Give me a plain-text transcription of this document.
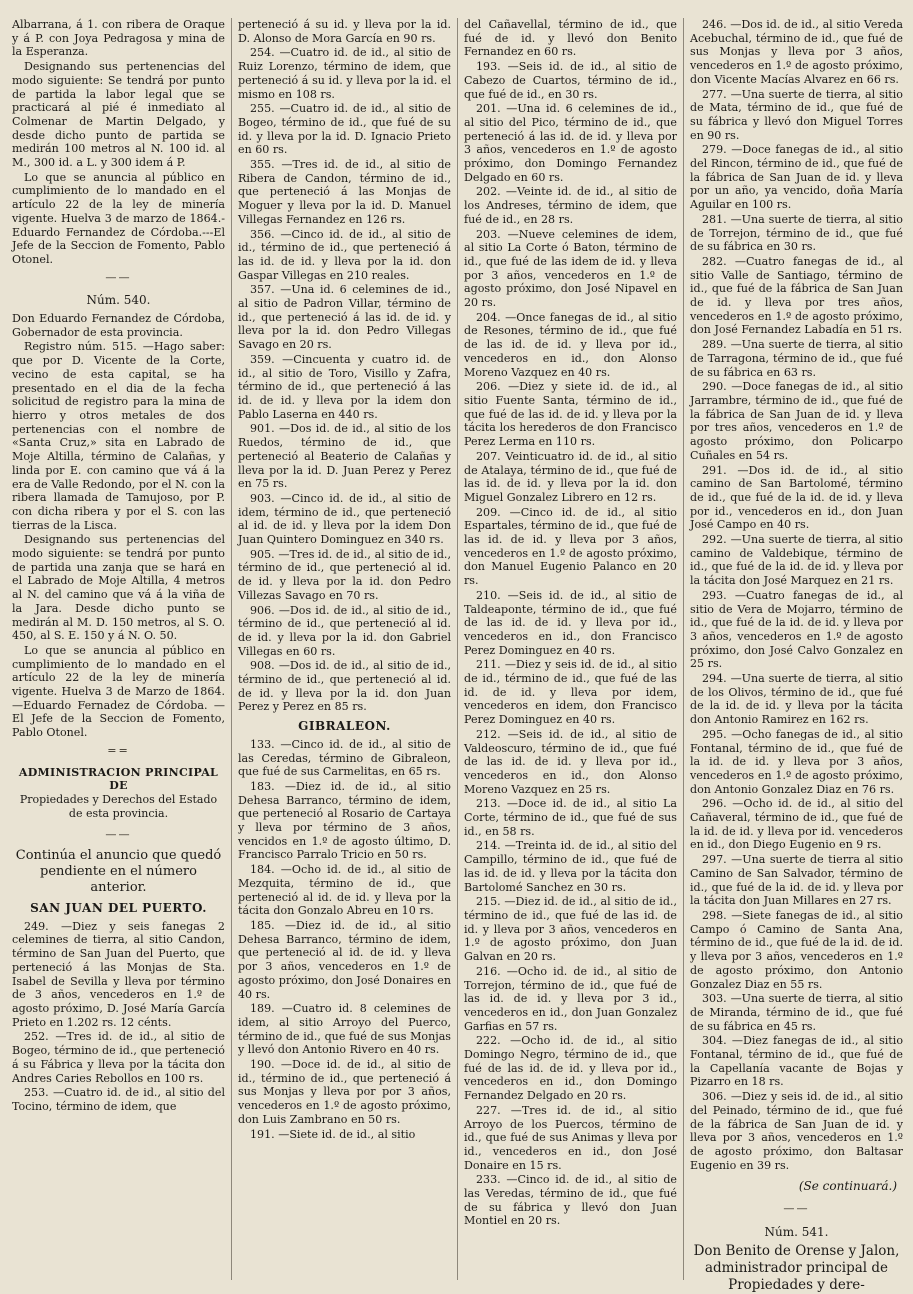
Albarrana, á 1. con ribera de Oraque y á P. con Joya Pedragosa y mina de la Esperanza.

Designando sus pertenencias del modo siguiente: Se tendrá por punto de partida la labor legal que se practicará al pié é inmediato al Colmenar de Martin Delgado, y desde dicho punto de partida se medirán 100 metros al N. 100 id. al M., 300 id. a L. y 300 idem á P.

Lo que se anuncia al público en cumplimiento de lo mandado en el artículo 22 de la ley de minería vigente. Huelva 3 de marzo de 1864.-Eduardo Fernandez de Córdoba.---El Jefe de la Seccion de Fomento, Pablo Otonel.

——
Núm. 540.

Don Eduardo Fernandez de Córdoba, Gobernador de esta provincia.

Registro núm. 515. —Hago saber: que por D. Vicente de la Corte, vecino de esta capital, se ha presentado en el dia de la fecha solicitud de registro para la mina de hierro y otros metales de dos pertenencias con el nombre de «Santa Cruz,» sita en Labrado de Moje Altilla, término de Calañas, y linda por E. con camino que vá á la era de Valle Redondo, por el N. con la ribera llamada de Tamujoso, por P. con dicha ribera y por el S. con las tierras de la Lisca.

Designando sus pertenencias del modo siguiente: se tendrá por punto de partida una zanja que se hará en el Labrado de Moje Altilla, 4 metros al N. del camino que vá á la viña de la Jara. Desde dicho punto se medirán al M. D. 150 metros, al S. O. 450, al S. E. 150 y á N. O. 50.

Lo que se anuncia al público en cumplimiento de lo mandado en el artículo 22 de la ley de minería vigente. Huelva 3 de Marzo de 1864.—Eduardo Fernadez de Córdoba. —El Jefe de la Seccion de Fomento, Pablo Otonel.

==
ADMINISTRACION PRINCIPAL DE
Propiedades y Derechos del Estado de esta provincia.
——
Continúa el anuncio que quedó pendiente en el número anterior.
SAN JUAN DEL PUERTO.

249. —Diez y seis fanegas 2 celemines de tierra, al sitio Candon, término de San Juan del Puerto, que perteneció á las Monjas de Sta. Isabel de Sevilla y lleva por término de 3 años, vencederos en 1.º de agosto próximo, D. José María García Prieto en 1.202 rs. 12 cénts.

252. —Tres id. de id., al sitio de Bogeo, término de id., que perteneció á su Fábrica y lleva por la tácita don Andres Caries Rebollos en 100 rs.

253. —Cuatro id. de id., al sitio del Tocino, término de idem, que

perteneció á su id. y lleva por la id. D. Alonso de Mora García en 90 rs.

254. —Cuatro id. de id., al sitio de Ruiz Lorenzo, término de idem, que perteneció á su id. y lleva por la id. el mismo en 108 rs.

255. —Cuatro id. de id., al sitio de Bogeo, término de id., que fué de su id. y lleva por la id. D. Ignacio Prieto en 60 rs.

355. —Tres id. de id., al sitio de Ribera de Candon, término de id., que perteneció á las Monjas de Moguer y lleva por la id. D. Manuel Villegas Fernandez en 126 rs.

356. —Cinco id. de id., al sitio de id., término de id., que perteneció á las id. de id. y lleva por la id. don Gaspar Villegas en 210 reales.

357. —Una id. 6 celemines de id., al sitio de Padron Villar, término de id., que perteneció á las id. de id. y lleva por la id. don Pedro Villegas Savago en 20 rs.

359. —Cincuenta y cuatro id. de id., al sitio de Toro, Visillo y Zafra, término de id., que perteneció á las id. de id. y lleva por la idem don Pablo Laserna en 440 rs.

901. —Dos id. de id., al sitio de los Ruedos, término de id., que perteneció al Beaterio de Calañas y lleva por la id. D. Juan Perez y Perez en 75 rs.

903. —Cinco id. de id., al sitio de idem, término de id., que perteneció al id. de id. y lleva por la idem Don Juan Quintero Dominguez en 340 rs.

905. —Tres id. de id., al sitio de id., término de id., que perteneció al id. de id. y lleva por la id. don Pedro Villezas Savago en 70 rs.

906. —Dos id. de id., al sitio de id., término de id., que perteneció al id. de id. y lleva por la id. don Gabriel Villegas en 60 rs.

908. —Dos id. de id., al sitio de id., término de id., que perteneció al id. de id. y lleva por la id. don Juan Perez y Perez en 85 rs.

GIBRALEON.

133. —Cinco id. de id., al sitio de las Ceredas, término de Gibraleon, que fué de sus Carmelitas, en 65 rs.

183. —Diez id. de id., al sitio Dehesa Barranco, término de idem, que perteneció al Rosario de Cartaya y lleva por término de 3 años, vencidos en 1.º de agosto último, D. Francisco Parralo Tricio en 50 rs.

184. —Ocho id. de id., al sitio de Mezquita, término de id., que perteneció al id. de id. y lleva por la tácita don Gonzalo Abreu en 10 rs.

185. —Diez id. de id., al sitio Dehesa Barranco, término de idem, que perteneció al id. de id. y lleva por 3 años, vencederos en 1.º de agosto próximo, don José Donaires en 40 rs.

189. —Cuatro id. 8 celemines de idem, al sitio Arroyo del Puerco, término de id., que fué de sus Monjas y llevó don Antonio Rivero en 40 rs.

190. —Doce id. de id., al sitio de id., término de id., que perteneció á sus Monjas y lleva por por 3 años, vencederos en 1.º de agosto próximo, don Luis Zambrano en 50 rs.

191. —Siete id. de id., al sitio

del Cañavellal, término de id., que fué de id. y llevó don Benito Fernandez en 60 rs.

193. —Seis id. de id., al sitio de Cabezo de Cuartos, término de id., que fué de id., en 30 rs.

201. —Una id. 6 celemines de id., al sitio del Pico, término de id., que perteneció á las id. de id. y lleva por 3 años, vencederos en 1.º de agosto próximo, don Domingo Fernandez Delgado en 60 rs.

202. —Veinte id. de id., al sitio de los Andreses, término de idem, que fué de id., en 28 rs.

203. —Nueve celemines de idem, al sitio La Corte ó Baton, término de id., que fué de las idem de id. y lleva por 3 años, vencederos en 1.º de agosto próximo, don José Nipavel en 20 rs.

204. —Once fanegas de id., al sitio de Resones, término de id., que fué de las id. de id. y lleva por id., vencederos en id., don Alonso Moreno Vazquez en 40 rs.

206. —Diez y siete id. de id., al sitio Fuente Santa, término de id., que fué de las id. de id. y lleva por la tácita los herederos de don Francisco Perez Lerma en 110 rs.

207. Veinticuatro id. de id., al sitio de Atalaya, término de id., que fué de las id. de id. y lleva por la id. don Miguel Gonzalez Librero en 12 rs.

209. —Cinco id. de id., al sitio Espartales, término de id., que fué de las id. de id. y lleva por 3 años, vencederos en 1.º de agosto próximo, don Manuel Eugenio Palanco en 20 rs.

210. —Seis id. de id., al sitio de Taldeaponte, término de id., que fué de las id. de id. y lleva por id., vencederos en id., don Francisco Perez Dominguez en 40 rs.

211. —Diez y seis id. de id., al sitio de id., término de id., que fué de las id. de id. y lleva por idem, vencederos en idem, don Francisco Perez Dominguez en 40 rs.

212. —Seis id. de id., al sitio de Valdeoscuro, término de id., que fué de las id. de id. y lleva por id., vencederos en id., don Alonso Moreno Vazquez en 25 rs.

213. —Doce id. de id., al sitio La Corte, término de id., que fué de sus id., en 58 rs.

214. —Treinta id. de id., al sitio del Campillo, término de id., que fué de las id. de id. y lleva por la tácita don Bartolomé Sanchez en 30 rs.

215. —Diez id. de id., al sitio de id., término de id., que fué de las id. de id. y lleva por 3 años, vencederos en 1.º de agosto próximo, don Juan Galvan en 20 rs.

216. —Ocho id. de id., al sitio de Torrejon, término de id., que fué de las id. de id. y lleva por 3 id., vencederos en id., don Juan Gonzalez Garfias en 57 rs.

222. —Ocho id. de id., al sitio Domingo Negro, término de id., que fué de las id. de id. y lleva por id., vencederos en id., don Domingo Fernandez Delgado en 20 rs.

227. —Tres id. de id., al sitio Arroyo de los Puercos, término de id., que fué de sus Animas y lleva por id., vencederos en id., don José Donaire en 15 rs.

233. —Cinco id. de id., al sitio de las Veredas, término de id., que fué de su fábrica y llevó don Juan Montiel en 20 rs.

246. —Dos id. de id., al sitio Vereda Acebuchal, término de id., que fué de sus Monjas y lleva por 3 años, vencederos en 1.º de agosto próximo, don Vicente Macías Alvarez en 66 rs.

277. —Una suerte de tierra, al sitio de Mata, término de id., que fué de su fábrica y llevó don Miguel Torres en 90 rs.

279. —Doce fanegas de id., al sitio del Rincon, término de id., que fué de la fábrica de San Juan de id. y lleva por un año, ya vencido, doña María Aguilar en 100 rs.

281. —Una suerte de tierra, al sitio de Torrejon, término de id., que fué de su fábrica en 30 rs.

282. —Cuatro fanegas de id., al sitio Valle de Santiago, término de id., que fué de la fábrica de San Juan de id. y lleva por tres años, vencederos en 1.º de agosto próximo, don José Fernandez Labadía en 51 rs.

289. —Una suerte de tierra, al sitio de Tarragona, término de id., que fué de su fábrica en 63 rs.

290. —Doce fanegas de id., al sitio Jarrambre, término de id., que fué de la fábrica de San Juan de id. y lleva por tres años, vencederos en 1.º de agosto próximo, don Policarpo Cuñales en 54 rs.

291. —Dos id. de id., al sitio camino de San Bartolomé, término de id., que fué de la id. de id. y lleva por id., vencederos en id., don Juan José Campo en 40 rs.

292. —Una suerte de tierra, al sitio camino de Valdebique, término de id., que fué de la id. de id. y lleva por la tácita don José Marquez en 21 rs.

293. —Cuatro fanegas de id., al sitio de Vera de Mojarro, término de id., que fué de la id. de id. y lleva por 3 años, vencederos en 1.º de agosto próximo, don José Calvo Gonzalez en 25 rs.

294. —Una suerte de tierra, al sitio de los Olivos, término de id., que fué de la id. de id. y lleva por la tácita don Antonio Ramirez en 162 rs.

295. —Ocho fanegas de id., al sitio Fontanal, término de id., que fué de la id. de id. y lleva por 3 años, vencederos en 1.º de agosto próximo, don Antonio Gonzalez Diaz en 76 rs.

296. —Ocho id. de id., al sitio del Cañaveral, término de id., que fué de la id. de id. y lleva por id. vencederos en id., don Diego Eugenio en 9 rs.

297. —Una suerte de tierra al sitio Camino de San Salvador, término de id., que fué de la id. de id. y lleva por la tácita don Juan Millares en 27 rs.

298. —Siete fanegas de id., al sitio Campo ó Camino de Santa Ana, término de id., que fué de la id. de id. y lleva por 3 años, vencederos en 1.º de agosto próximo, don Antonio Gonzalez Diaz en 55 rs.

303. —Una suerte de tierra, al sitio de Miranda, término de id., que fué de su fábrica en 45 rs.

304. —Diez fanegas de id., al sitio Fontanal, término de id., que fué de la Capellanía vacante de Bojas y Pizarro en 18 rs.

306. —Diez y seis id. de id., al sitio del Peinado, término de id., que fué de la fábrica de San Juan de id. y lleva por 3 años, vencederos en 1.º de agosto próximo, don Baltasar Eugenio en 39 rs.

(Se continuará.)
——
Núm. 541.
Don Benito de Orense y Jalon, administrador principal de Propiedades y dere-
